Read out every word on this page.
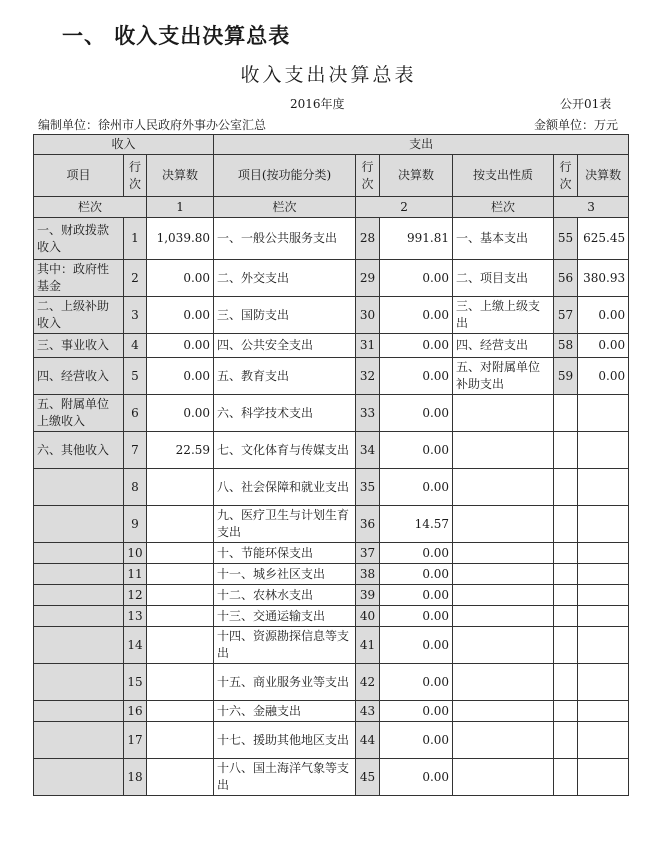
一、 收入支出决算总表
收入支出决算总表
2016年度	公开01表
编制单位：徐州市人民政府外事办公室汇总	金额单位：万元
收入			支出					
项目	行次	决算数	项目(按功能分类)	行次	决算数	按支出性质	行次	决算数
栏次		1	栏次	2		栏次	3	
一、财政拨款收入	1	1,039.80	一、一般公共服务支出	28	991.81	一、基本支出	55	625.45
其中：政府性基金	2	0.00	二、外交支出	29	0.00	二、项目支出	56	380.93
二、上级补助收入	3	0.00	三、国防支出	30	0.00	三、上缴上级支出	57	0.00
三、事业收入	4	0.00	四、公共安全支出	31	0.00	四、经营支出	58	0.00
四、经营收入	5	0.00	五、教育支出	32	0.00	五、对附属单位补助支出	59	0.00
五、附属单位上缴收入	6	0.00	六、科学技术支出	33	0.00			
六、其他收入	7	22.59	七、文化体育与传媒支出	34	0.00			
	8		八、社会保障和就业支出	35	0.00			
	9		九、医疗卫生与计划生育支出	36	14.57			
	10		十、节能环保支出	37	0.00			
	11		十一、城乡社区支出	38	0.00			
	12		十二、农林水支出	39	0.00			
	13		十三、交通运输支出	40	0.00			
	14		十四、资源勘探信息等支出	41	0.00			
	15		十五、商业服务业等支出	42	0.00			
	16		十六、金融支出	43	0.00			
	17		十七、援助其他地区支出	44	0.00			
	18		十八、国土海洋气象等支出	45	0.00			
